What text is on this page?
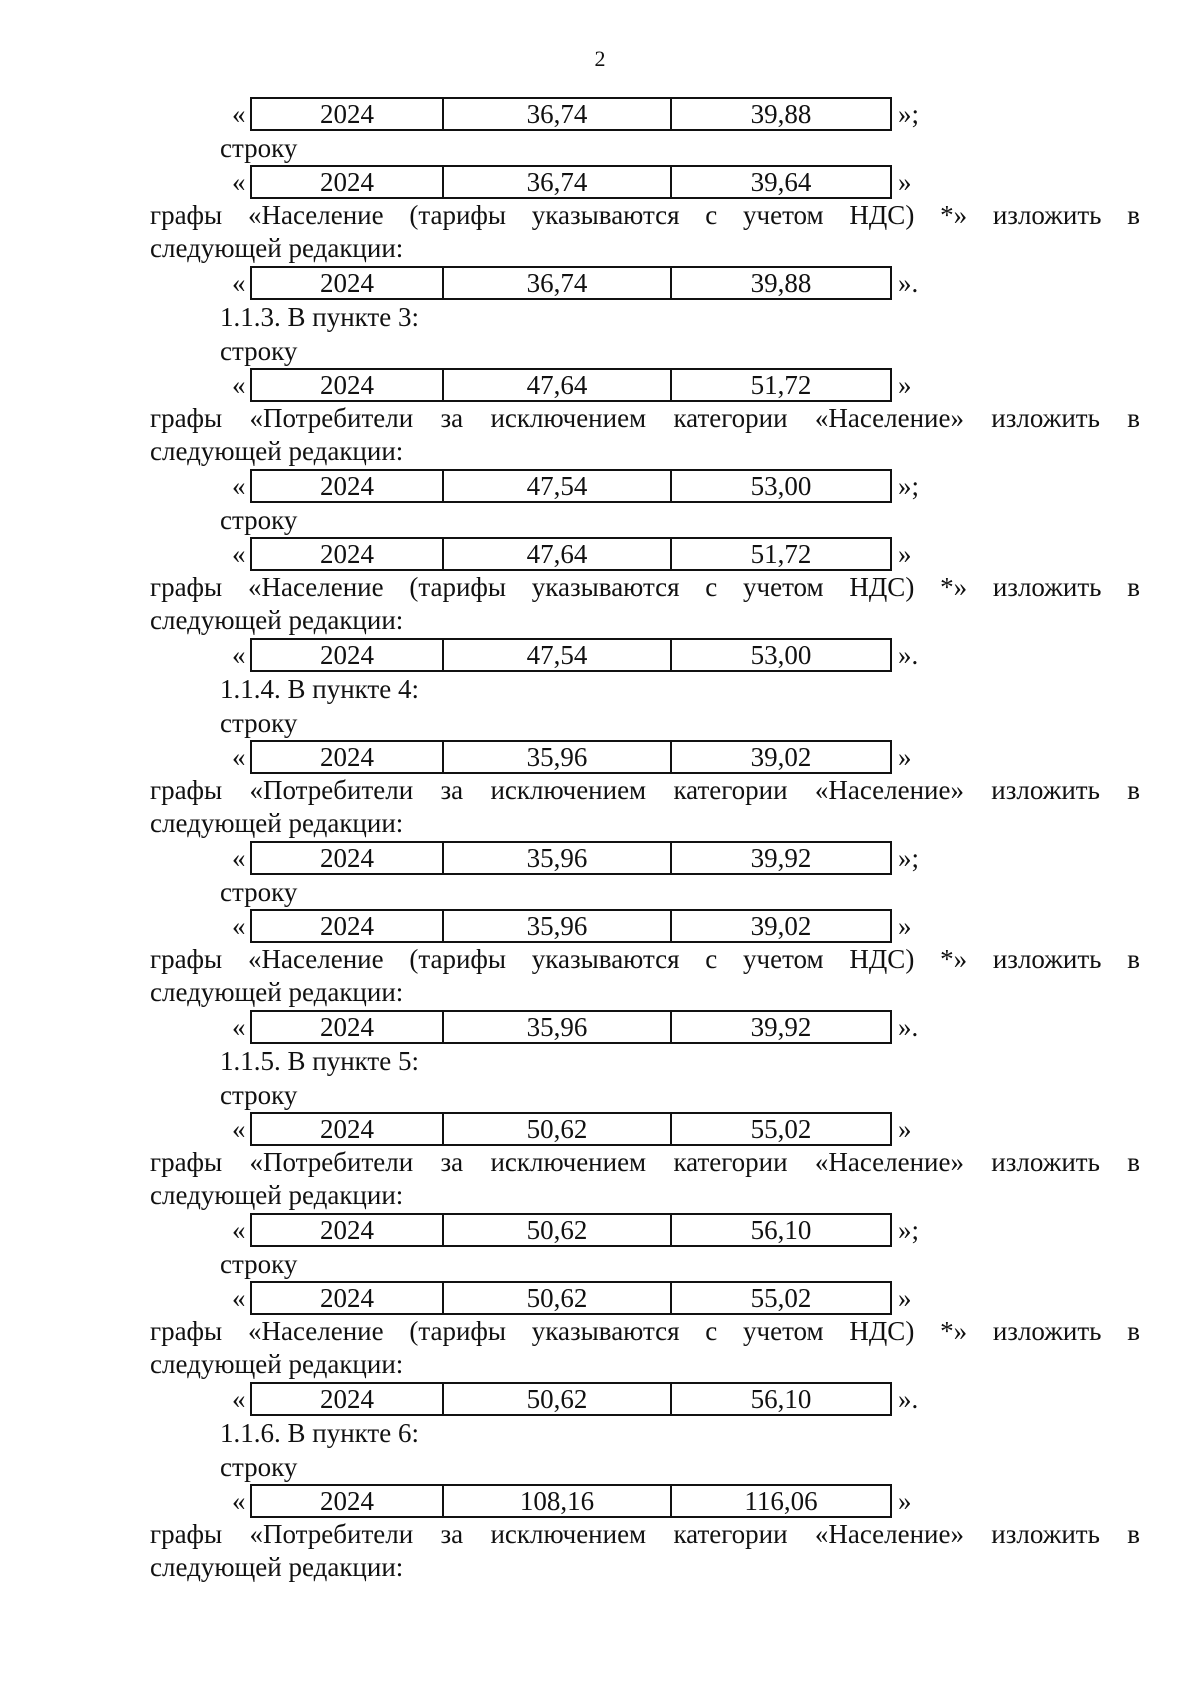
2
«	2024	36,74	39,88	»;
строку
«	2024	36,74	39,64	»
графы «Население (тарифы указываются с учетом НДС) *» изложить в
следующей редакции:
«	2024	36,74	39,88	».
1.1.3. В пункте 3:
строку
«	2024	47,64	51,72	»
графы «Потребители за исключением категории «Население» изложить в
следующей редакции:
«	2024	47,54	53,00	»;
строку
«	2024	47,64	51,72	»
графы «Население (тарифы указываются с учетом НДС) *» изложить в
следующей редакции:
«	2024	47,54	53,00	».
1.1.4. В пункте 4:
строку
«	2024	35,96	39,02	»
графы «Потребители за исключением категории «Население» изложить в
следующей редакции:
«	2024	35,96	39,92	»;
строку
«	2024	35,96	39,02	»
графы «Население (тарифы указываются с учетом НДС) *» изложить в
следующей редакции:
«	2024	35,96	39,92	».
1.1.5. В пункте 5:
строку
«	2024	50,62	55,02	»
графы «Потребители за исключением категории «Население» изложить в
следующей редакции:
«	2024	50,62	56,10	»;
строку
«	2024	50,62	55,02	»
графы «Население (тарифы указываются с учетом НДС) *» изложить в
следующей редакции:
«	2024	50,62	56,10	».
1.1.6. В пункте 6:
строку
«	2024	108,16	116,06	»
графы «Потребители за исключением категории «Население» изложить в
следующей редакции:
